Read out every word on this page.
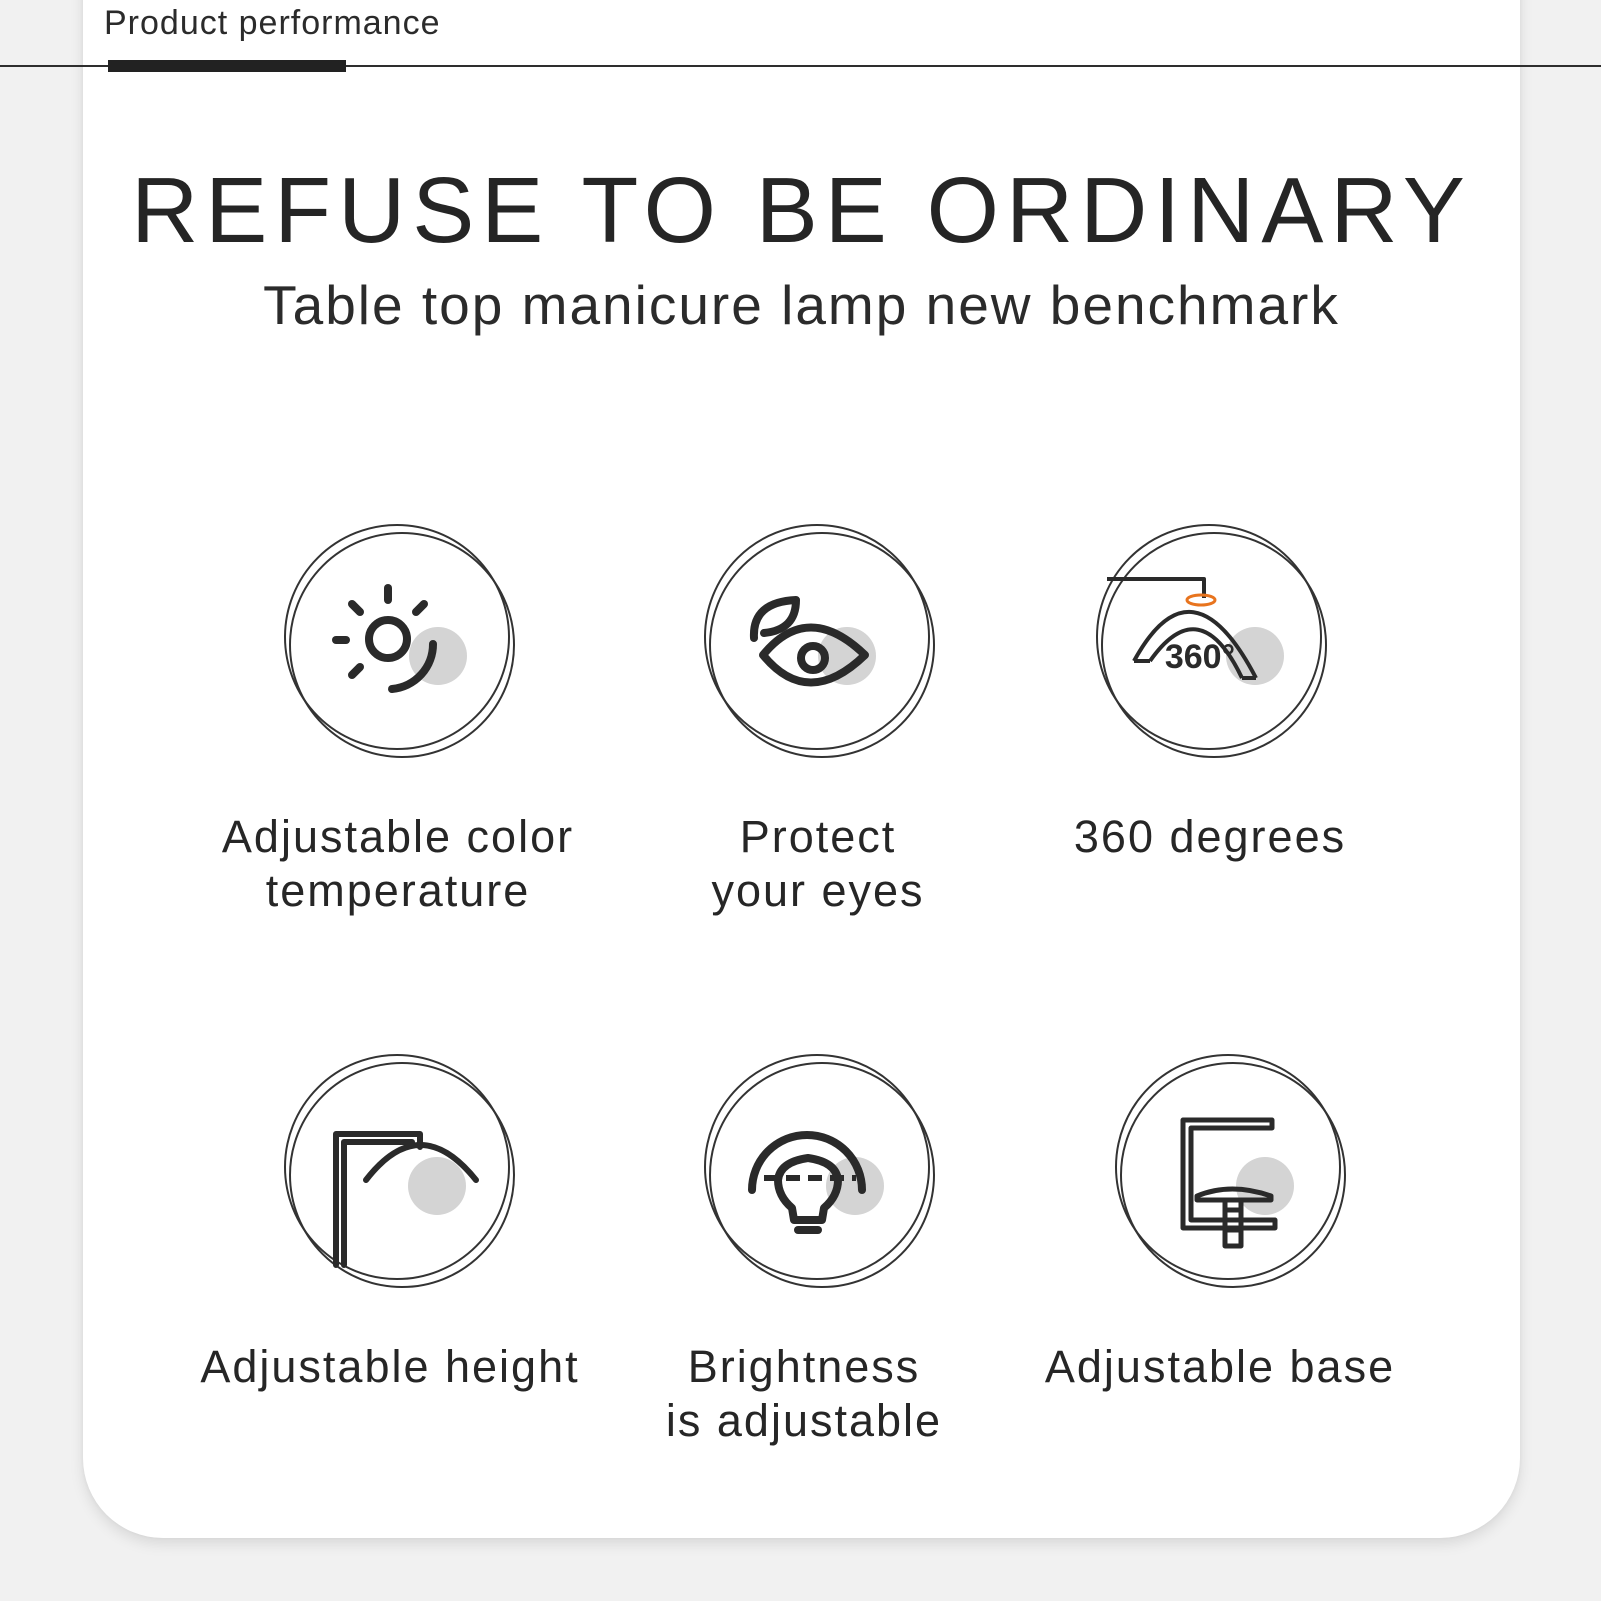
Product performance
REFUSE TO BE ORDINARY

Table top manicure lamp new benchmark

Adjustable color
temperature
Protect
your eyes
360°
360 degrees
Adjustable height	Brightness
is adjustable
Adjustable base
